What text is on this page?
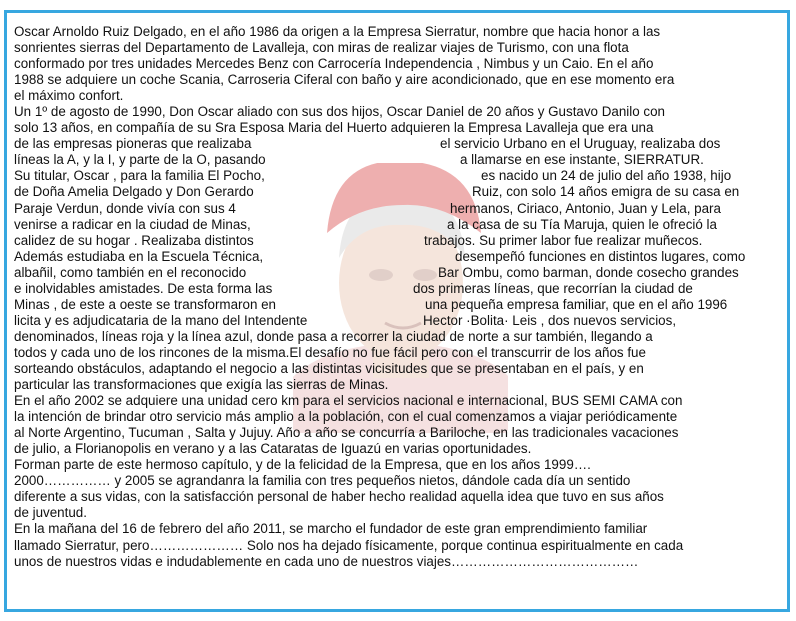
Oscar Arnoldo Ruiz Delgado, en el año 1986 da origen a la Empresa Sierratur, nombre que hacia honor a las
sonrientes sierras del Departamento de Lavalleja, con miras de realizar viajes de Turismo, con una flota
conformado por tres unidades Mercedes Benz con Carrocería Independencia , Nimbus y un Caio. En el año
1988 se adquiere un coche Scania, Carroseria Ciferal con baño y aire acondicionado, que en ese momento era
el máximo confort.
Un 1º de agosto de 1990, Don Oscar aliado con sus dos hijos, Oscar Daniel de 20 años y Gustavo Danilo con
solo 13 años, en compañía de su Sra Esposa Maria del Huerto adquieren la Empresa Lavalleja que era una
de las empresas pioneras que realizaba	el servicio Urbano en el Uruguay, realizaba dos
líneas la A, y la I, y parte de la O, pasando	a llamarse en ese instante, SIERRATUR.
Su titular, Oscar , para la familia El Pocho,	es nacido un 24 de julio del año 1938, hijo
de Doña Amelia Delgado y Don Gerardo	Ruiz, con solo 14 años emigra de su casa en
Paraje Verdun, donde vivía con sus 4	hermanos, Ciriaco, Antonio, Juan y Lela, para
venirse a radicar en la ciudad de Minas,	a la casa de su Tía Maruja, quien le ofreció la
calidez de su hogar . Realizaba distintos	trabajos. Su primer labor fue realizar muñecos.
Además estudiaba en la Escuela Técnica,	desempeñó funciones en distintos lugares, como
albañil, como también en el reconocido	Bar Ombu, como barman, donde cosecho grandes
e inolvidables amistades. De esta forma las	dos primeras líneas, que recorrían la ciudad de
Minas , de este a oeste se transformaron en	una pequeña empresa familiar, que en el año 1996
licita y es adjudicataria de la mano del Intendente	Hector ·Bolita· Leis , dos nuevos servicios,
denominados, líneas roja y la línea azul, donde pasa a recorrer la ciudad de norte a sur también, llegando a
todos y cada uno de los rincones de la misma.El desafío no fue fácil pero con el transcurrir de los años fue
sorteando obstáculos, adaptando el negocio a las distintas vicisitudes que se presentaban en el país, y en
particular las transformaciones que exigía las sierras de Minas.
En el año 2002 se adquiere una unidad cero km para el servicios nacional e internacional, BUS SEMI CAMA con
la intención de brindar otro servicio más amplio a la población, con el cual comenzamos a viajar periódicamente
al Norte Argentino, Tucuman , Salta y Jujuy. Año a año se concurría a Bariloche, en las tradicionales vacaciones
de julio, a Florianopolis en verano y a las Cataratas de Iguazú en varias oportunidades.
Forman parte de este hermoso capítulo, y de la felicidad de la Empresa, que en los años 1999….
2000…………… y 2005 se agrandanra la familia con tres pequeños nietos, dándole cada día un sentido
diferente a sus vidas, con la satisfacción personal de haber hecho realidad aquella idea que tuvo en sus años
de juventud.
En la mañana del 16 de febrero del año 2011, se marcho el fundador de este gran emprendimiento familiar
llamado Sierratur, pero………………… Solo nos ha dejado físicamente, porque continua espiritualmente en cada
unos de nuestros vidas e indudablemente en cada uno de nuestros viajes……………………………………
